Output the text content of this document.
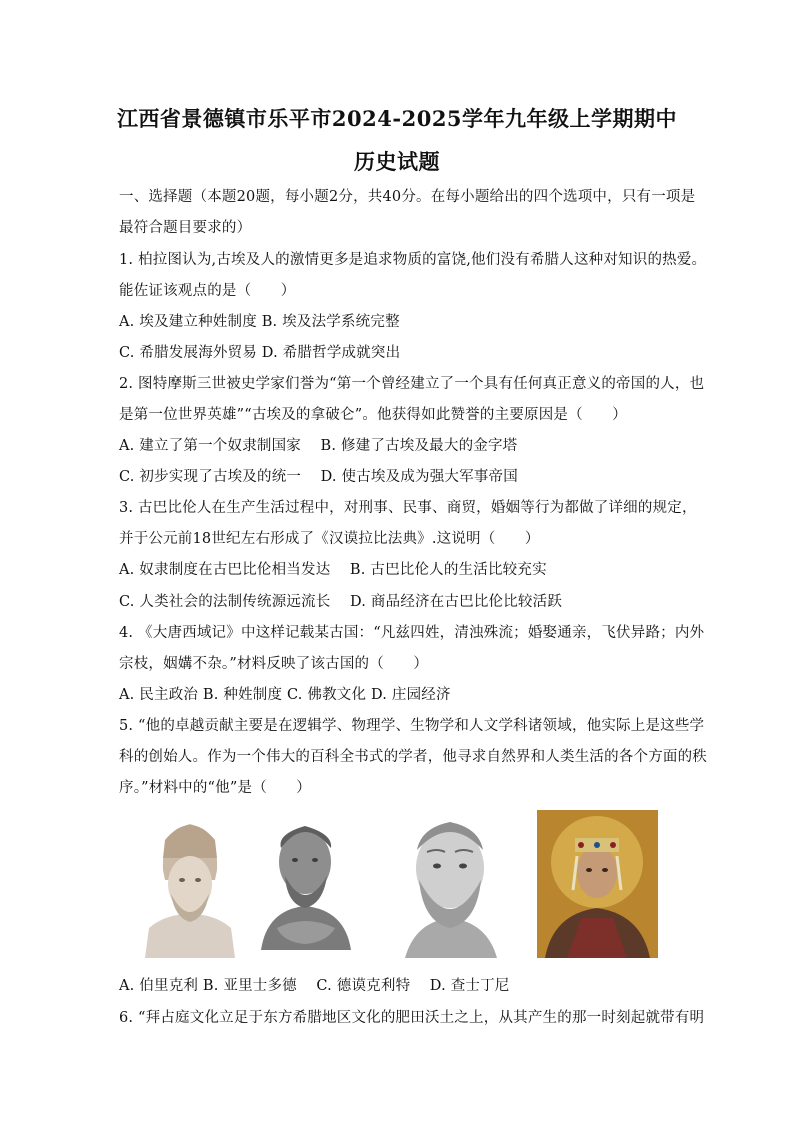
江西省景德镇市乐平市2024-2025学年九年级上学期期中
历史试题
一、选择题（本题20题，每小题2分，共40分。在每小题给出的四个选项中，只有一项是
最符合题目要求的）
1. 柏拉图认为,古埃及人的激情更多是追求物质的富饶,他们没有希腊人这种对知识的热爱。
能佐证该观点的是（　　）
A. 埃及建立种姓制度 B. 埃及法学系统完整
C. 希腊发展海外贸易 D. 希腊哲学成就突出
2. 图特摩斯三世被史学家们誉为“第一个曾经建立了一个具有任何真正意义的帝国的人，也
是第一位世界英雄”“古埃及的拿破仑”。他获得如此赞誉的主要原因是（　　）
A. 建立了第一个奴隶制国家　 B. 修建了古埃及最大的金字塔
C. 初步实现了古埃及的统一　 D. 使古埃及成为强大军事帝国
3. 古巴比伦人在生产生活过程中，对刑事、民事、商贸，婚姻等行为都做了详细的规定，
并于公元前18世纪左右形成了《汉谟拉比法典》.这说明（　　）
A. 奴隶制度在古巴比伦相当发达　 B. 古巴比伦人的生活比较充实
C. 人类社会的法制传统源远流长　 D. 商品经济在古巴比伦比较活跃
4. 《大唐西域记》中这样记载某古国：“凡兹四姓，清浊殊流；婚娶通亲，飞伏异路；内外
宗枝，姻媾不杂。”材料反映了该古国的（　　）
A. 民主政治 B. 种姓制度 C. 佛教文化 D. 庄园经济
5. “他的卓越贡献主要是在逻辑学、物理学、生物学和人文学科诸领域，他实际上是这些学
科的创始人。作为一个伟大的百科全书式的学者，他寻求自然界和人类生活的各个方面的秩
序。”材料中的“他”是（　　）
A. 伯里克利 B. 亚里士多德　 C. 德谟克利特　 D. 查士丁尼
6. “拜占庭文化立足于东方希腊地区文化的肥田沃土之上，从其产生的那一时刻起就带有明
